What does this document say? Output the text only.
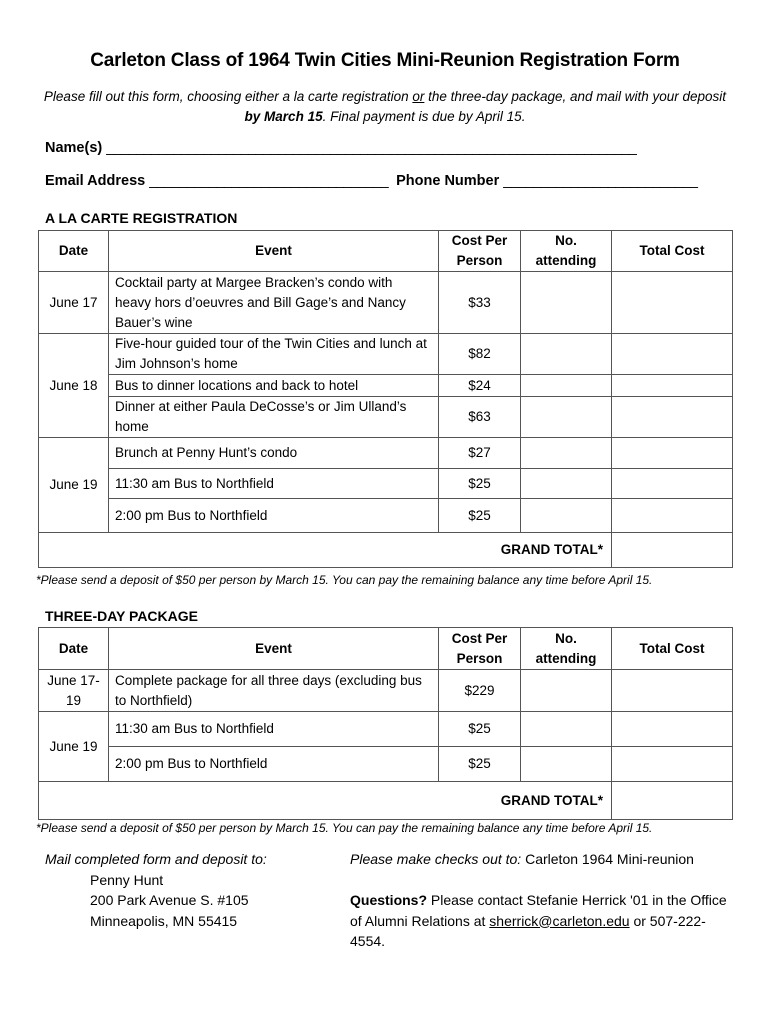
Carleton Class of 1964 Twin Cities Mini-Reunion Registration Form
Please fill out this form, choosing either a la carte registration or the three-day package, and mail with your deposit by March 15. Final payment is due by April 15.
Name(s) _______________________________________________________________________
Email Address ________________________________ Phone Number __________________________
A LA CARTE REGISTRATION
Date	Event	Cost Per Person	No. attending	Total Cost
June 17	Cocktail party at Margee Bracken’s condo with heavy hors d’oeuvres and Bill Gage’s and Nancy Bauer’s wine	$33		
June 18	Five-hour guided tour of the Twin Cities and lunch at Jim Johnson’s home	$82		
	Bus to dinner locations and back to hotel	$24		
	Dinner at either Paula DeCosse’s or Jim Ulland’s home	$63		
June 19	Brunch at Penny Hunt’s condo	$27		
	11:30 am Bus to Northfield	$25		
	2:00 pm Bus to Northfield	$25		
GRAND TOTAL*				
*Please send a deposit of $50 per person by March 15. You can pay the remaining balance any time before April 15.
THREE-DAY PACKAGE
Date	Event	Cost Per Person	No. attending	Total Cost
June 17-19	Complete package for all three days (excluding bus to Northfield)	$229		
June 19	11:30 am Bus to Northfield	$25		
	2:00 pm Bus to Northfield	$25		
GRAND TOTAL*				
*Please send a deposit of $50 per person by March 15. You can pay the remaining balance any time before April 15.
Mail completed form and deposit to:
Penny Hunt
200 Park Avenue S. #105
Minneapolis, MN 55415
Please make checks out to: Carleton 1964 Mini-reunion
Questions? Please contact Stefanie Herrick '01 in the Office of Alumni Relations at sherrick@carleton.edu or 507-222-4554.
